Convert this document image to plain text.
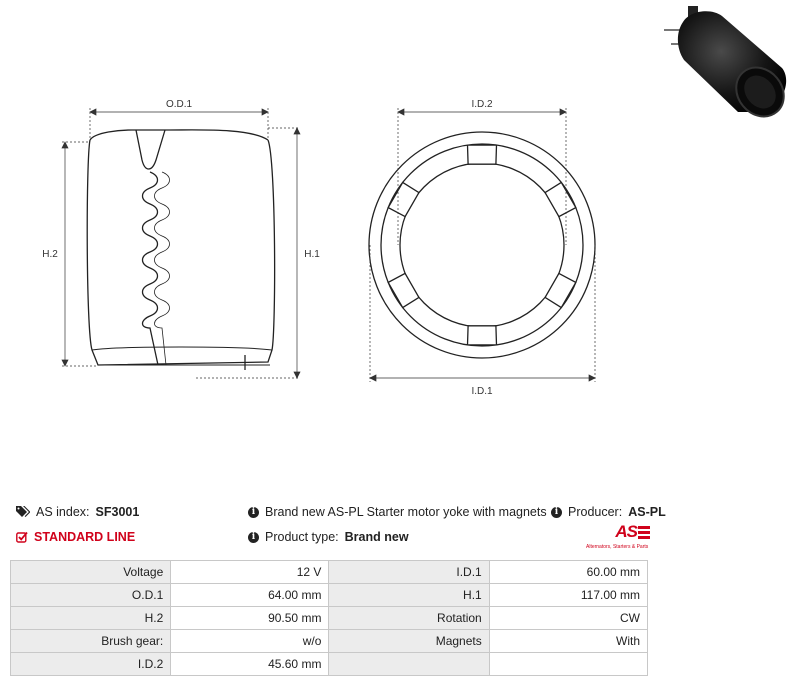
O.D.1
H.2	H.1
I.D.2
I.D.1
AS index: SF3001
STANDARD LINE
i Brand new AS-PL Starter motor yoke with magnets
i Product type: Brand new
i Producer: AS-PL
AS
Alternators, Starters & Parts
Voltage	12 V	I.D.1	60.00 mm
O.D.1	64.00 mm	H.1	117.00 mm
H.2	90.50 mm	Rotation	CW
Brush gear:	w/o	Magnets	With
I.D.2	45.60 mm		
